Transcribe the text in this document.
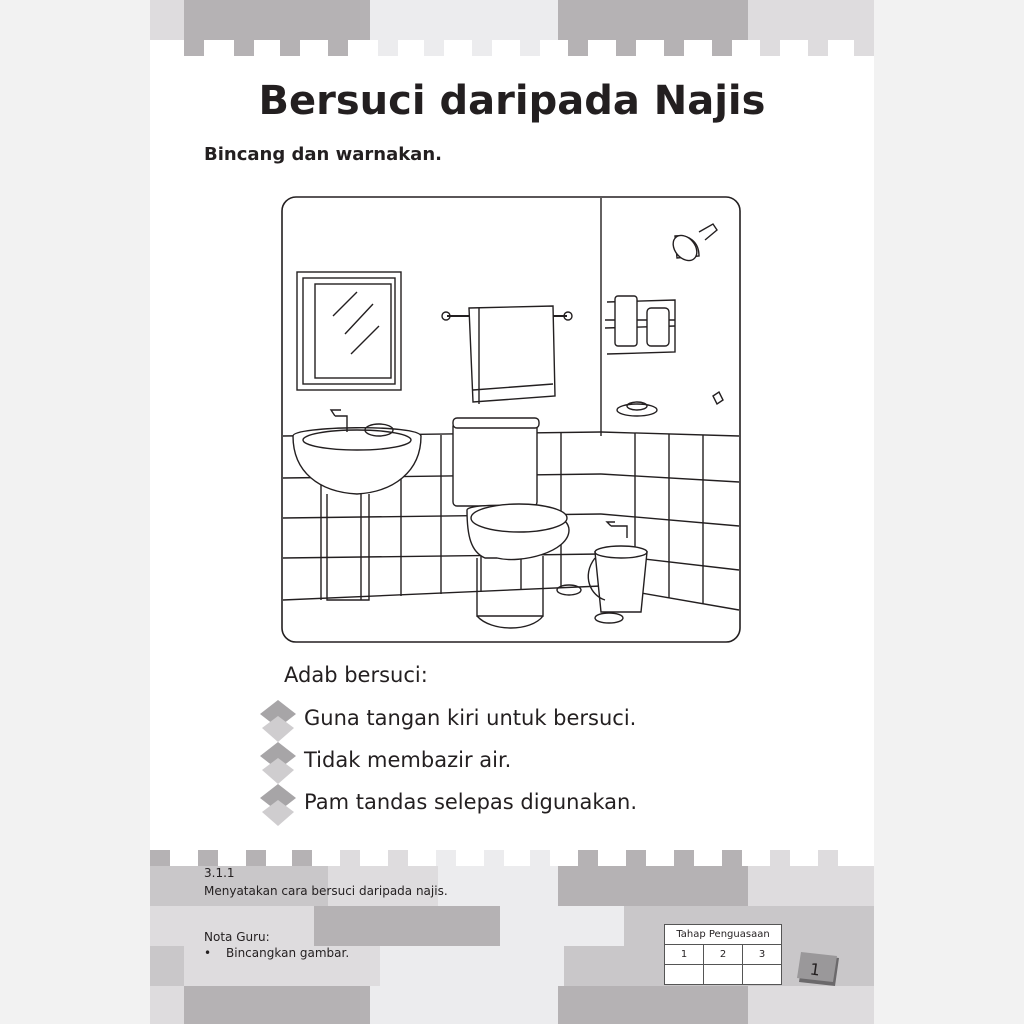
Bersuci daripada Najis
Bincang dan warnakan.
Adab bersuci:
Guna tangan kiri untuk bersuci.
Tidak membazir air.
Pam tandas selepas digunakan.
3.1.1
Menyatakan cara bersuci daripada najis.
Nota Guru:
• Bincangkan gambar.
Tahap Penguasaan		
1	2	3

1
